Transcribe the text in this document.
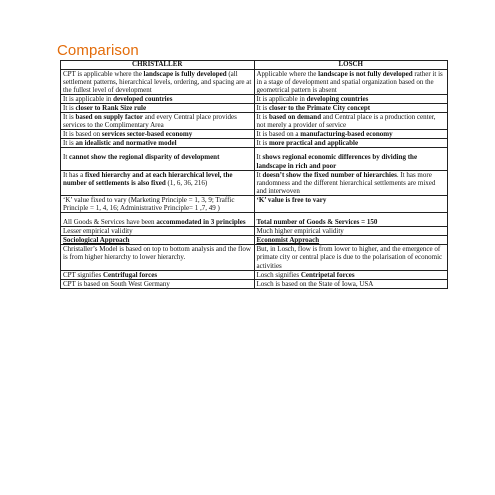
Comparison
CHRISTALLER	LOSCH
CPT is applicable where the landscape is fully developed (all settlement patterns, hierarchical levels, ordering, and spacing are at the fullest level of development	Applicable where the landscape is not fully developed rather it is in a stage of development and spatial organization based on the geometrical pattern is absent
It is applicable in developed countries	It is applicable in developing countries
It is closer to Rank Size rule	It is closer to the Primate City concept
It is based on supply factor and every Central place provides services to the Complimentary Area	It is based on demand and Central place is a production center, not merely a provider of service
It is based on services sector-based economy	It is based on a manufacturing-based economy
It is an idealistic and normative model	It is more practical and applicable
It cannot show the regional disparity of development	It shows regional economic differences by dividing the landscape in rich and poor
It has a fixed hierarchy and at each hierarchical level, the number of settlements is also fixed (1, 6, 36, 216)	It doesn’t show the fixed number of hierarchies. It has more randomness and the different hierarchical settlements are mixed and interwoven
‘K’ value fixed to vary (Marketing Principle = 1, 3, 9; Traffic Principle = 1, 4, 16; Administrative Principle= 1 ,7, 49 )	‘K’ value is free to vary
All Goods & Services have been accommodated in 3 principles	Total number of Goods & Services = 150
Lesser empirical validity	Much higher empirical validity
Sociological Approach	Economist Approach
Christaller’s Model is based on top to bottom analysis and the flow is from higher hierarchy to lower hierarchy.	But, in Losch, flow is from lower to higher, and the emergence of primate city or central place is due to the polarisation of economic activities
CPT signifies Centrifugal forces	Losch signifies Centripetal forces
CPT is based on South West Germany	Losch is based on the State of Iowa, USA
